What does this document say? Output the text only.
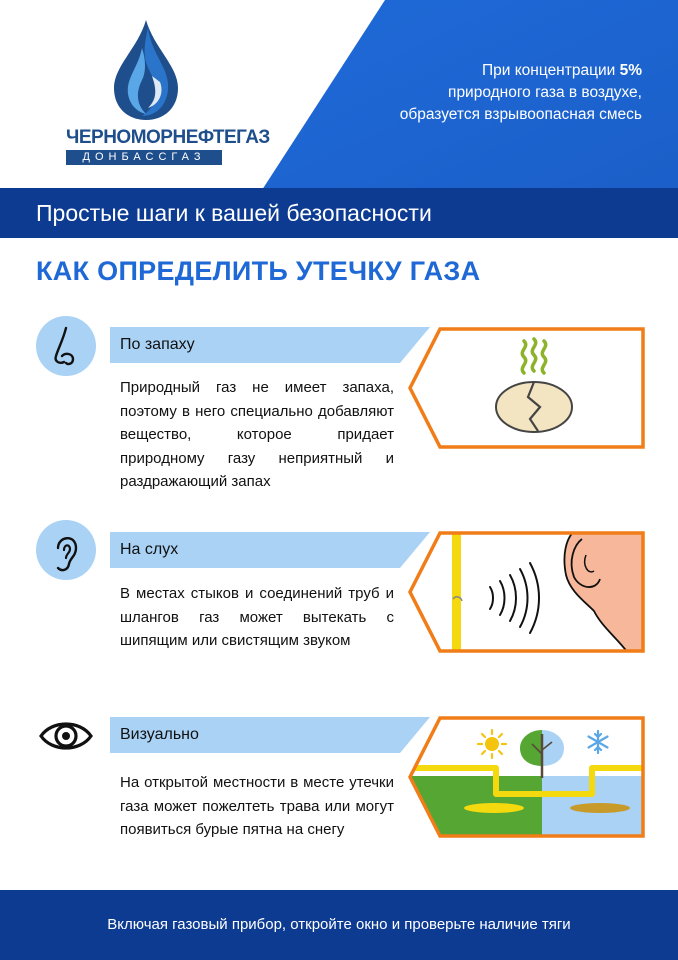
ЧЕРНОМОРНЕФТЕГАЗ
ДОНБАССГАЗ
При концентрации 5%
природного газа в воздухе,
образуется взрывоопасная смесь
Простые шаги к вашей безопасности
КАК ОПРЕДЕЛИТЬ УТЕЧКУ ГАЗА
По запаху
Природный газ не имеет запаха, поэтому в него специально добавляют вещество, которое придает природному газу неприятный и раздражающий запах
На слух
В местах стыков и соединений труб и шлангов газ может вытекать с шипящим или свистящим звуком
Визуально
На открытой местности в месте утечки газа может пожелтеть трава или могут появиться бурые пятна на снегу
Включая газовый прибор, откройте окно и проверьте наличие тяги
